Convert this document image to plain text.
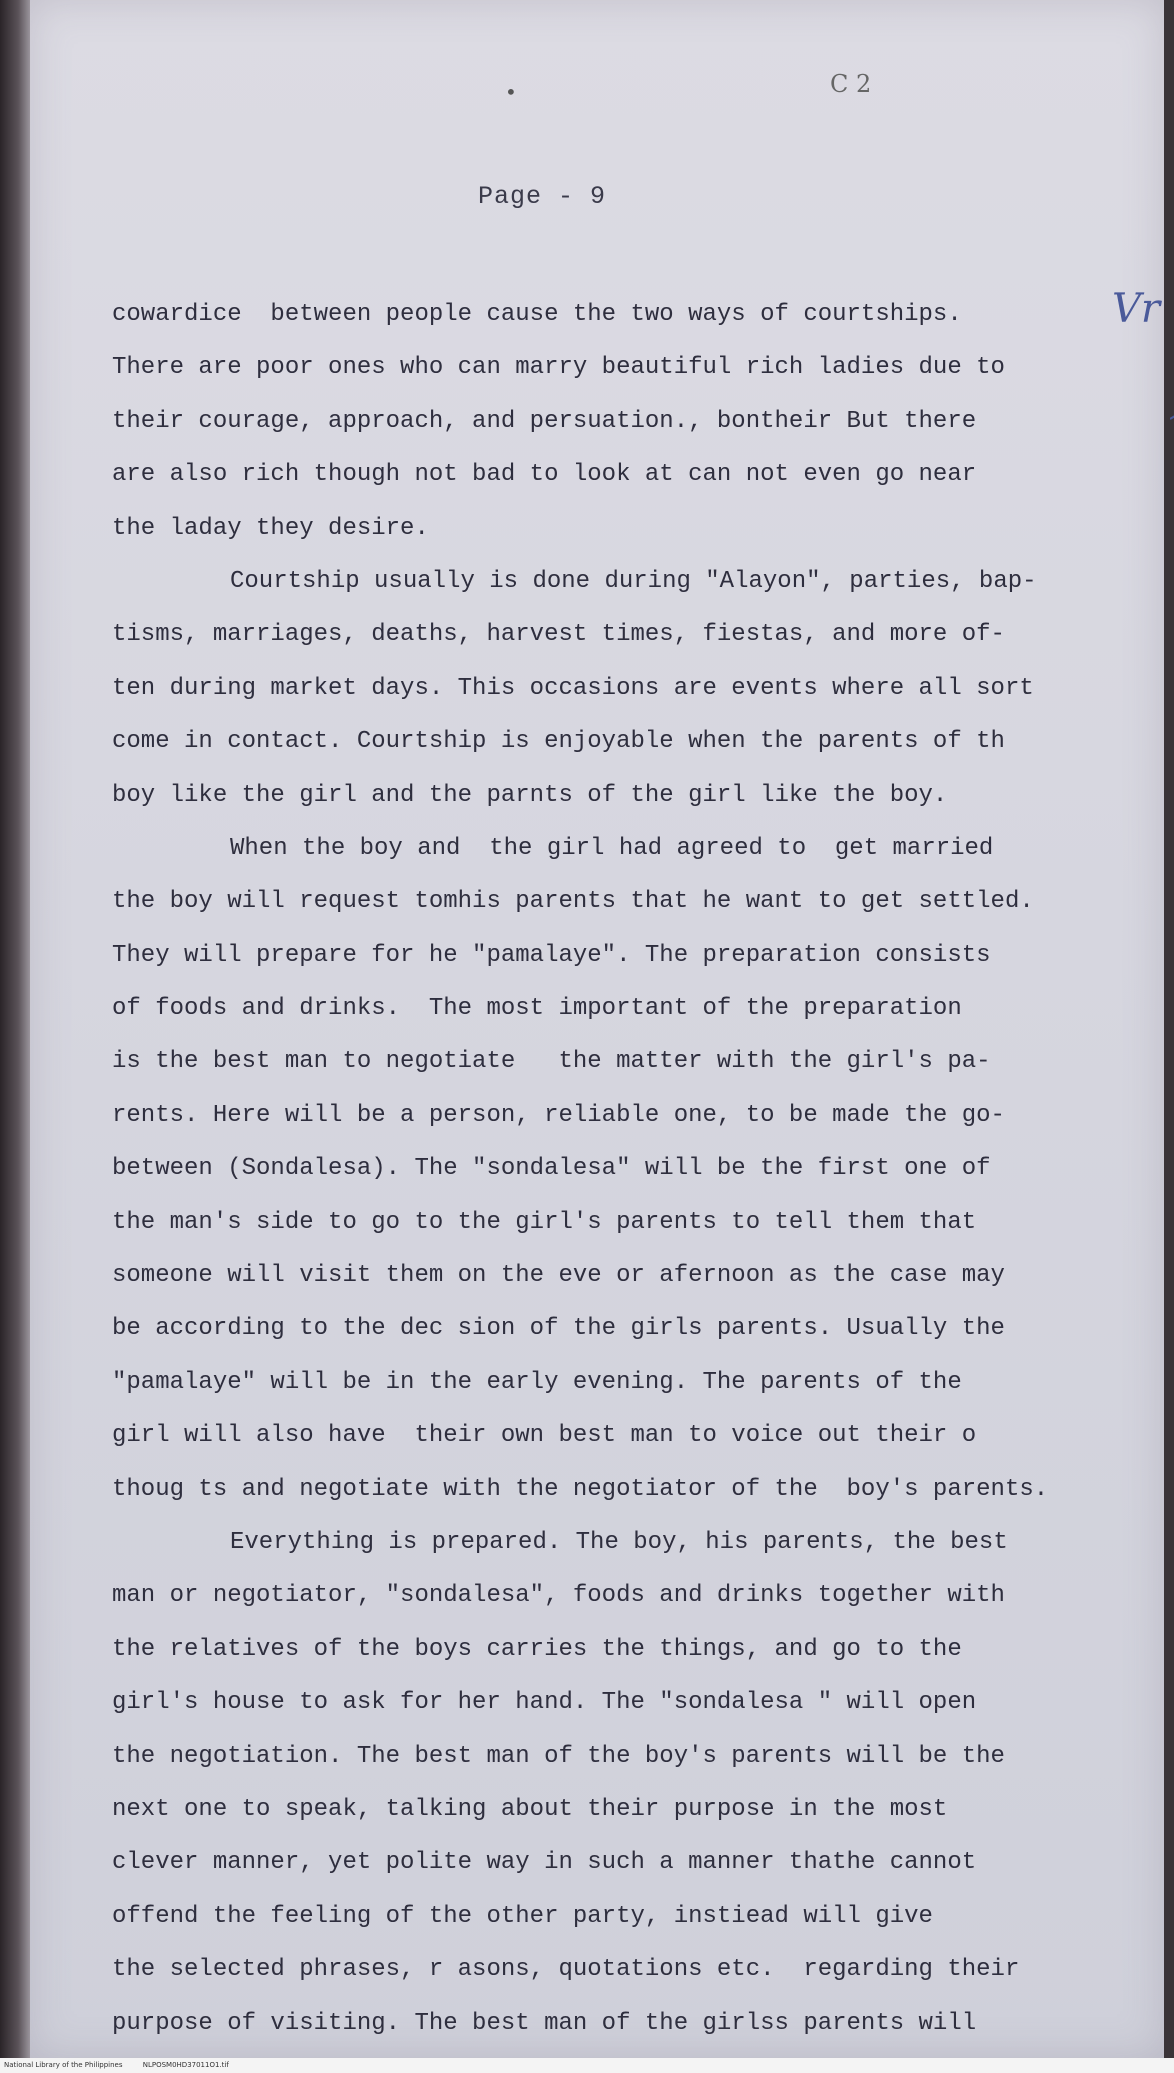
•	C 2
Page - 9
Vr
cowardice  between people cause the two ways of courtships.
There are poor ones who can marry beautiful rich ladies due to
their courage, approach, and persuation., bontheir But there
are also rich though not bad to look at can not even go near
the laday they desire.
Courtship usually is done during "Alayon", parties, bap-
tisms, marriages, deaths, harvest times, fiestas, and more of-
ten during market days. This occasions are events where all sort
come in contact. Courtship is enjoyable when the parents of th
boy like the girl and the parnts of the girl like the boy.
When the boy and  the girl had agreed to  get married
the boy will request tomhis parents that he want to get settled.
They will prepare for he "pamalaye". The preparation consists
of foods and drinks.  The most important of the preparation
is the best man to negotiate   the matter with the girl's pa-
rents. Here will be a person, reliable one, to be made the go-
between (Sondalesa). The "sondalesa" will be the first one of
the man's side to go to the girl's parents to tell them that
someone will visit them on the eve or afernoon as the case may
be according to the dec sion of the girls parents. Usually the
"pamalaye" will be in the early evening. The parents of the
girl will also have  their own best man to voice out their o
thoug ts and negotiate with the negotiator of the  boy's parents.
Everything is prepared. The boy, his parents, the best
man or negotiator, "sondalesa", foods and drinks together with
the relatives of the boys carries the things, and go to the
girl's house to ask for her hand. The "sondalesa " will open
the negotiation. The best man of the boy's parents will be the
next one to speak, talking about their purpose in the most
clever manner, yet polite way in such a manner thathe cannot
offend the feeling of the other party, instiead will give
the selected phrases, r asons, quotations etc.  regarding their
purpose of visiting. The best man of the girlss parents will
National Library of the Philippines	NLPOSM0HD37011O1.tif
